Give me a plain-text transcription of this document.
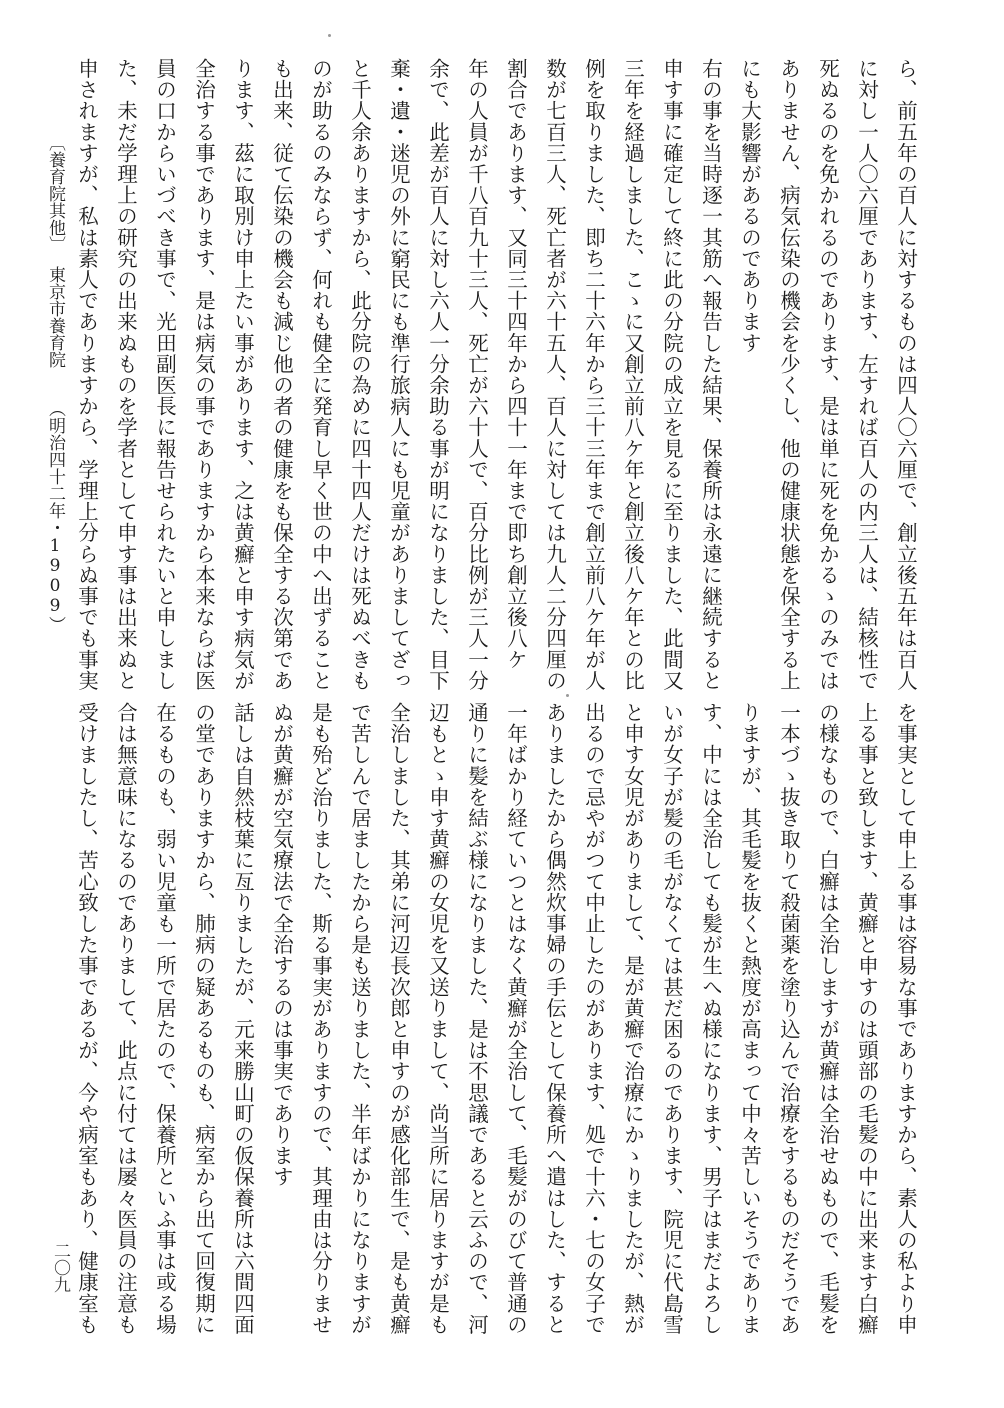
ら、前五年の百人に対するものは四人〇六厘で、創立後五年は百人
に対し一人〇六厘であります、左すれば百人の内三人は、結核性で
死ぬるのを免かれるのであります、是は単に死を免かるゝのみでは
ありません、病気伝染の機会を少くし、他の健康状態を保全する上
にも大影響があるのであります
右の事を当時逐一其筋へ報告した結果、保養所は永遠に継続すると
申す事に確定して終に此の分院の成立を見るに至りました、此間又
三年を経過しました、こゝに又創立前八ケ年と創立後八ケ年との比
例を取りました、即ち二十六年から三十三年まで創立前八ケ年が人
数が七百三人、死亡者が六十五人、百人に対しては九人二分四厘の
割合であります、又同三十四年から四十一年まで即ち創立後八ケ
年の人員が千八百九十三人、死亡が六十人で、百分比例が三人一分
余で、此差が百人に対し六人一分余助る事が明になりました、目下
棄・遺・迷児の外に窮民にも準行旅病人にも児童がありましてざっ
と千人余ありますから、此分院の為めに四十四人だけは死ぬべきも
のが助るのみならず、何れも健全に発育し早く世の中へ出ずること
も出来、従て伝染の機会も減じ他の者の健康をも保全する次第であ
ります、茲に取別け申上たい事があります、之は黄癬と申す病気が
全治する事であります、是は病気の事でありますから本来ならば医
員の口からいづべき事で、光田副医長に報告せられたいと申しまし
た、未だ学理上の研究の出来ぬものを学者として申す事は出来ぬと
申されますが、私は素人でありますから、学理上分らぬ事でも事実
〔養育院其他〕
東京市養育院
（明治四十二年・1909）
を事実として申上る事は容易な事でありますから、素人の私より申
上る事と致します、黄癬と申すのは頭部の毛髪の中に出来ます白癬
の様なもので、白癬は全治しますが黄癬は全治せぬもので、毛髪を
一本づゝ抜き取りて殺菌薬を塗り込んで治療をするものだそうであ
りますが、其毛髪を抜くと熱度が高まって中々苦しいそうでありま
す、中には全治しても髪が生へぬ様になります、男子はまだよろし
いが女子が髪の毛がなくては甚だ困るのであります、院児に代島雪
と申す女児がありまして、是が黄癬で治療にかゝりましたが、熱が
出るので忌やがつて中止したのがあります、処で十六・七の女子で
ありましたから偶然炊事婦の手伝として保養所へ遣はした、すると
一年ばかり経ていつとはなく黄癬が全治して、毛髪がのびて普通の
通りに髪を結ぶ様になりました、是は不思議であると云ふので、河
辺もとゝ申す黄癬の女児を又送りまして、尚当所に居りますが是も
全治しました、其弟に河辺長次郎と申すのが感化部生で、是も黄癬
で苦しんで居ましたから是も送りました、半年ばかりになりますが
是も殆ど治りました、斯る事実がありますので、其理由は分りませ
ぬが黄癬が空気療法で全治するのは事実であります
話しは自然枝葉に亙りましたが、元来勝山町の仮保養所は六間四面
の堂でありますから、肺病の疑あるものも、病室から出て回復期に
在るものも、弱い児童も一所で居たので、保養所といふ事は或る場
合は無意味になるのでありまして、此点に付ては屡々医員の注意も
受けましたし、苦心致した事であるが、今や病室もあり、健康室も
二〇九
